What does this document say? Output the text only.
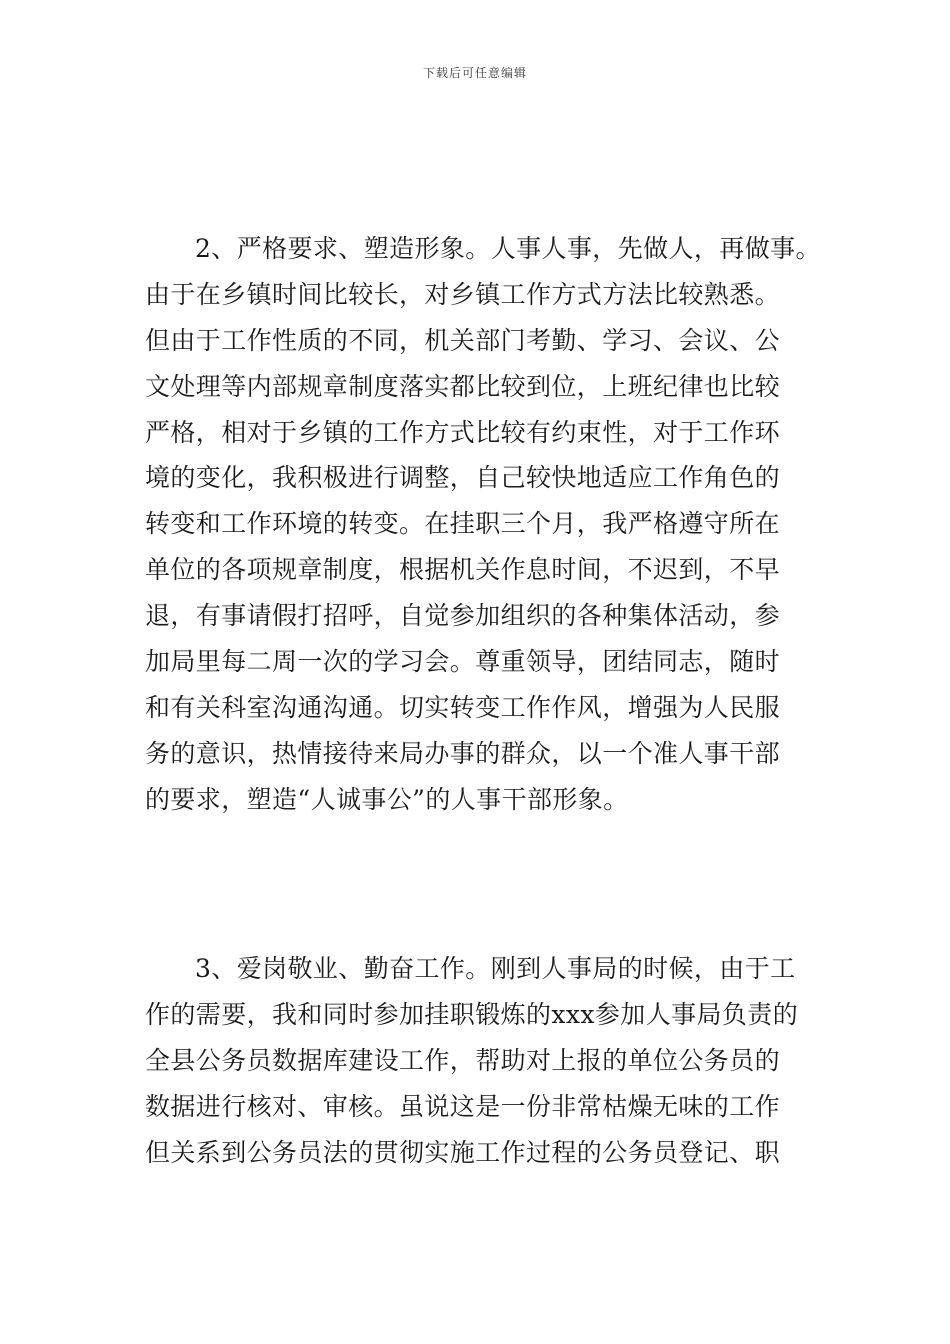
下载后可任意编辑
2、严格要求、塑造形象。人事人事，先做人，再做事。
由于在乡镇时间比较长，对乡镇工作方式方法比较熟悉。
但由于工作性质的不同，机关部门考勤、学习、会议、公
文处理等内部规章制度落实都比较到位，上班纪律也比较
严格，相对于乡镇的工作方式比较有约束性，对于工作环
境的变化，我积极进行调整，自己较快地适应工作角色的
转变和工作环境的转变。在挂职三个月，我严格遵守所在
单位的各项规章制度，根据机关作息时间，不迟到，不早
退，有事请假打招呼，自觉参加组织的各种集体活动，参
加局里每二周一次的学习会。尊重领导，团结同志，随时
和有关科室沟通沟通。切实转变工作作风，增强为人民服
务的意识，热情接待来局办事的群众，以一个准人事干部
的要求，塑造“人诚事公”的人事干部形象。
3、爱岗敬业、勤奋工作。刚到人事局的时候，由于工
作的需要，我和同时参加挂职锻炼的xxx参加人事局负责的
全县公务员数据库建设工作，帮助对上报的单位公务员的
数据进行核对、审核。虽说这是一份非常枯燥无味的工作
但关系到公务员法的贯彻实施工作过程的公务员登记、职
